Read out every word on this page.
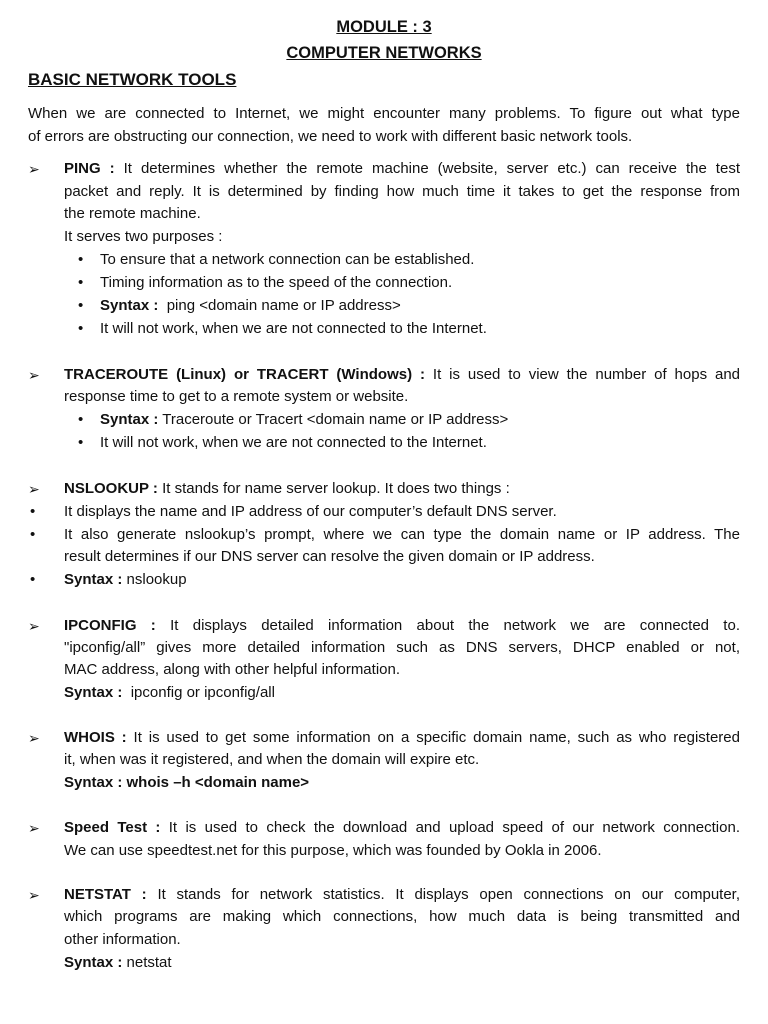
MODULE : 3
COMPUTER NETWORKS
BASIC NETWORK TOOLS
When we are connected to Internet, we might encounter many problems. To figure out what type
of errors are obstructing our connection, we need to work with different basic network tools.
➢ PING : It determines whether the remote machine (website, server etc.) can receive the test
packet and reply. It is determined by finding how much time it takes to get the response from
the remote machine.
It serves two purposes :
• To ensure that a network connection can be established.
• Timing information as to the speed of the connection.
• Syntax : ping <domain name or IP address>
• It will not work, when we are not connected to the Internet.
➢ TRACEROUTE (Linux) or TRACERT (Windows) : It is used to view the number of hops and
response time to get to a remote system or website.
• Syntax : Traceroute or Tracert <domain name or IP address>
• It will not work, when we are not connected to the Internet.
➢ NSLOOKUP : It stands for name server lookup. It does two things :
• It displays the name and IP address of our computer’s default DNS server.
• It also generate nslookup’s prompt, where we can type the domain name or IP address. The
result determines if our DNS server can resolve the given domain or IP address.
• Syntax : nslookup
➢ IPCONFIG : It displays detailed information about the network we are connected to.
"ipconfig/all” gives more detailed information such as DNS servers, DHCP enabled or not,
MAC address, along with other helpful information.
Syntax : ipconfig or ipconfig/all
➢ WHOIS : It is used to get some information on a specific domain name, such as who registered
it, when was it registered, and when the domain will expire etc.
Syntax : whois –h <domain name>
➢ Speed Test : It is used to check the download and upload speed of our network connection.
We can use speedtest.net for this purpose, which was founded by Ookla in 2006.
➢ NETSTAT : It stands for network statistics. It displays open connections on our computer,
which programs are making which connections, how much data is being transmitted and
other information.
Syntax : netstat
